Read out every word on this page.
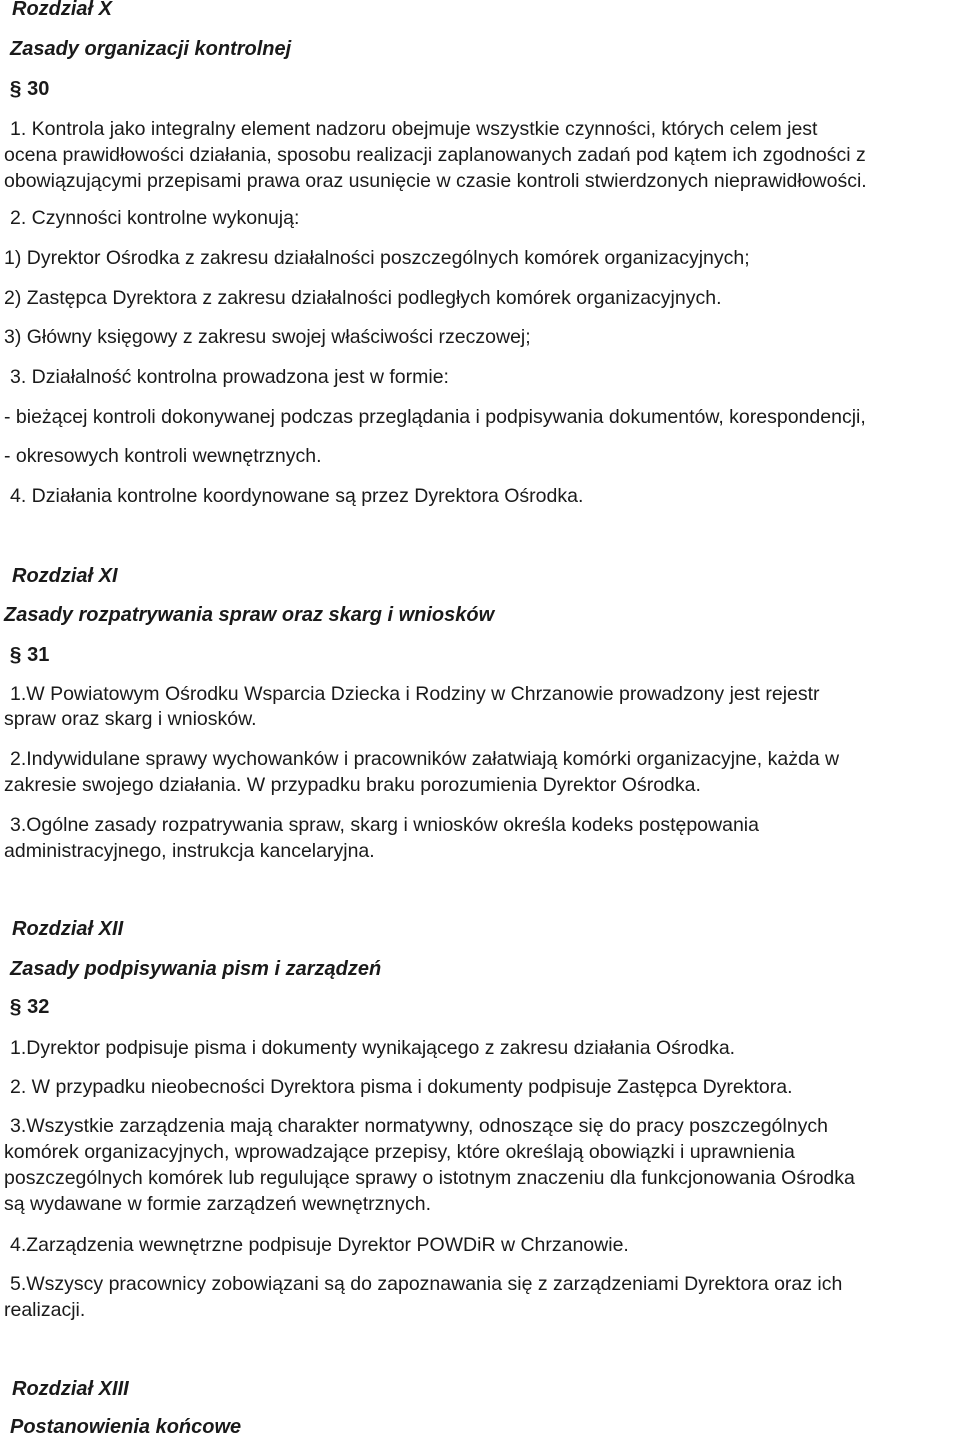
Rozdział X
Zasady organizacji kontrolnej
§ 30

1. Kontrola jako integralny element nadzoru obejmuje wszystkie czynności, których celem jest

ocena prawidłowości działania, sposobu realizacji zaplanowanych zadań pod kątem ich zgodności z

obowiązującymi przepisami prawa oraz usunięcie w czasie kontroli stwierdzonych nieprawidłowości.

2. Czynności kontrolne wykonują:

1) Dyrektor Ośrodka z zakresu działalności poszczególnych komórek organizacyjnych;

2) Zastępca Dyrektora z zakresu działalności podległych komórek organizacyjnych.

3) Główny księgowy z zakresu swojej właściwości rzeczowej;

3. Działalność kontrolna prowadzona jest w formie:

- bieżącej kontroli dokonywanej podczas przeglądania i podpisywania dokumentów, korespondencji,

- okresowych kontroli wewnętrznych.

4. Działania kontrolne koordynowane są przez Dyrektora Ośrodka.

Rozdział XI
Zasady rozpatrywania spraw oraz skarg i wniosków
§ 31

1.W Powiatowym Ośrodku Wsparcia Dziecka i Rodziny w Chrzanowie prowadzony jest rejestr

spraw oraz skarg i wniosków.

2.Indywidulane sprawy wychowanków i pracowników załatwiają komórki organizacyjne, każda w

zakresie swojego działania. W przypadku braku porozumienia Dyrektor Ośrodka.

3.Ogólne zasady rozpatrywania spraw, skarg i wniosków określa kodeks postępowania

administracyjnego, instrukcja kancelaryjna.

Rozdział XII
Zasady podpisywania pism i zarządzeń
§ 32

1.Dyrektor podpisuje pisma i dokumenty wynikającego z zakresu działania Ośrodka.

2. W przypadku nieobecności Dyrektora pisma i dokumenty podpisuje Zastępca Dyrektora.

3.Wszystkie zarządzenia mają charakter normatywny, odnoszące się do pracy poszczególnych

komórek organizacyjnych, wprowadzające przepisy, które określają obowiązki i uprawnienia

poszczególnych komórek lub regulujące sprawy o istotnym znaczeniu dla funkcjonowania Ośrodka

są wydawane w formie zarządzeń wewnętrznych.

4.Zarządzenia wewnętrzne podpisuje Dyrektor POWDiR w Chrzanowie.

5.Wszyscy pracownicy zobowiązani są do zapoznawania się z zarządzeniami Dyrektora oraz ich

realizacji.

Rozdział XIII
Postanowienia końcowe
